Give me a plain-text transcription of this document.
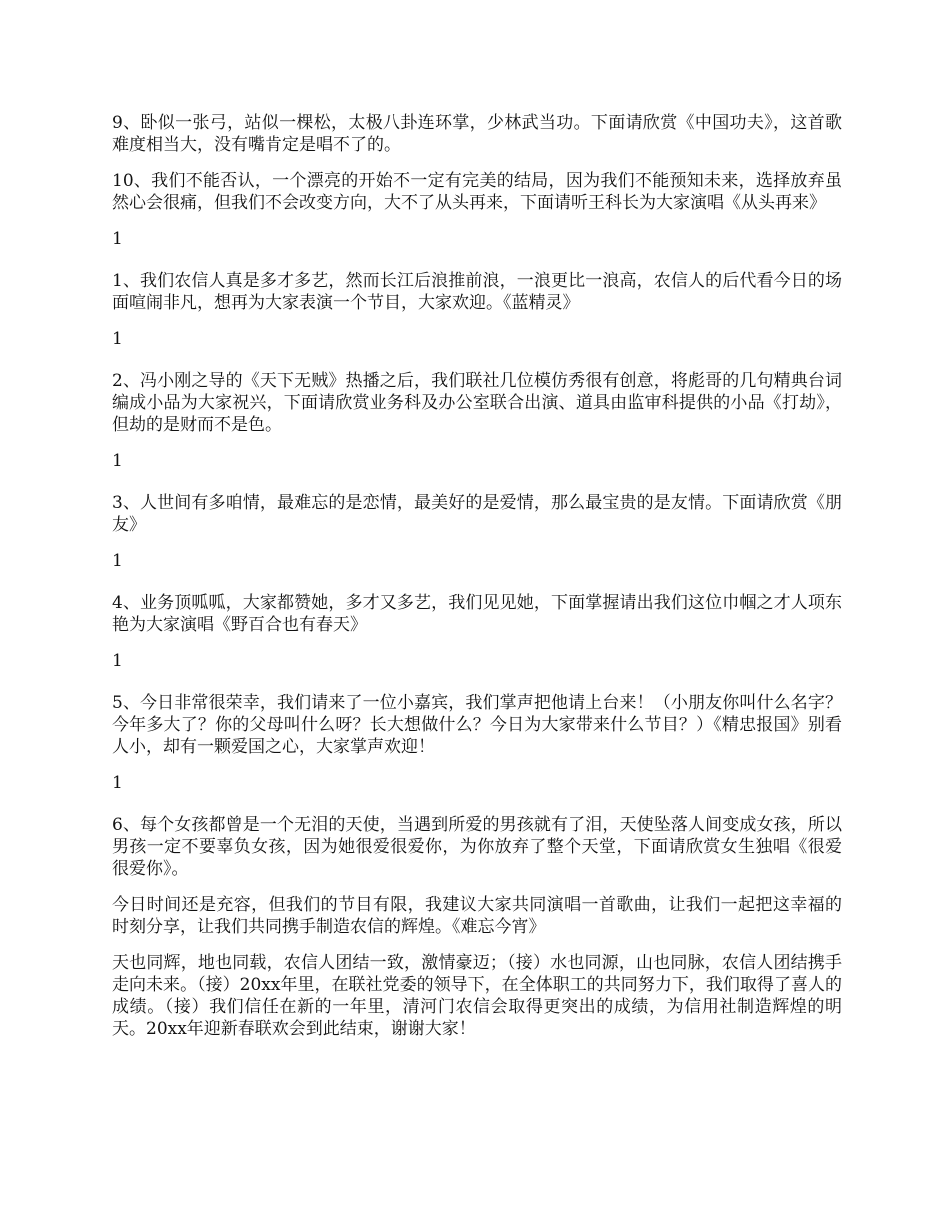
9、卧似一张弓，站似一棵松，太极八卦连环掌，少林武当功。下面请欣赏《中国功夫》，这首歌难度相当大，没有嘴肯定是唱不了的。

10、我们不能否认，一个漂亮的开始不一定有完美的结局，因为我们不能预知未来，选择放弃虽然心会很痛，但我们不会改变方向，大不了从头再来，下面请听王科长为大家演唱《从头再来》

1

1、我们农信人真是多才多艺，然而长江后浪推前浪，一浪更比一浪高，农信人的后代看今日的场面喧闹非凡，想再为大家表演一个节目，大家欢迎。《蓝精灵》

1

2、冯小刚之导的《天下无贼》热播之后，我们联社几位模仿秀很有创意，将彪哥的几句精典台词编成小品为大家祝兴，下面请欣赏业务科及办公室联合出演、道具由监审科提供的小品《打劫》，但劫的是财而不是色。

1

3、人世间有多咱情，最难忘的是恋情，最美好的是爱情，那么最宝贵的是友情。下面请欣赏《朋友》

1

4、业务顶呱呱，大家都赞她，多才又多艺，我们见见她，下面掌握请出我们这位巾帼之才人项东艳为大家演唱《野百合也有春天》

1

5、今日非常很荣幸，我们请来了一位小嘉宾，我们掌声把他请上台来！（小朋友你叫什么名字？今年多大了？你的父母叫什么呀？长大想做什么？今日为大家带来什么节目？）《精忠报国》别看人小，却有一颗爱国之心，大家掌声欢迎！

1

6、每个女孩都曾是一个无泪的天使，当遇到所爱的男孩就有了泪，天使坠落人间变成女孩，所以男孩一定不要辜负女孩，因为她很爱很爱你，为你放弃了整个天堂，下面请欣赏女生独唱《很爱很爱你》。

今日时间还是充容，但我们的节目有限，我建议大家共同演唱一首歌曲，让我们一起把这幸福的时刻分享，让我们共同携手制造农信的辉煌。《难忘今宵》

天也同辉，地也同载，农信人团结一致，激情豪迈；（接）水也同源，山也同脉，农信人团结携手走向未来。（接）20xx年里，在联社党委的领导下，在全体职工的共同努力下，我们取得了喜人的成绩。（接）我们信任在新的一年里，清河门农信会取得更突出的成绩，为信用社制造辉煌的明天。20xx年迎新春联欢会到此结束，谢谢大家！
